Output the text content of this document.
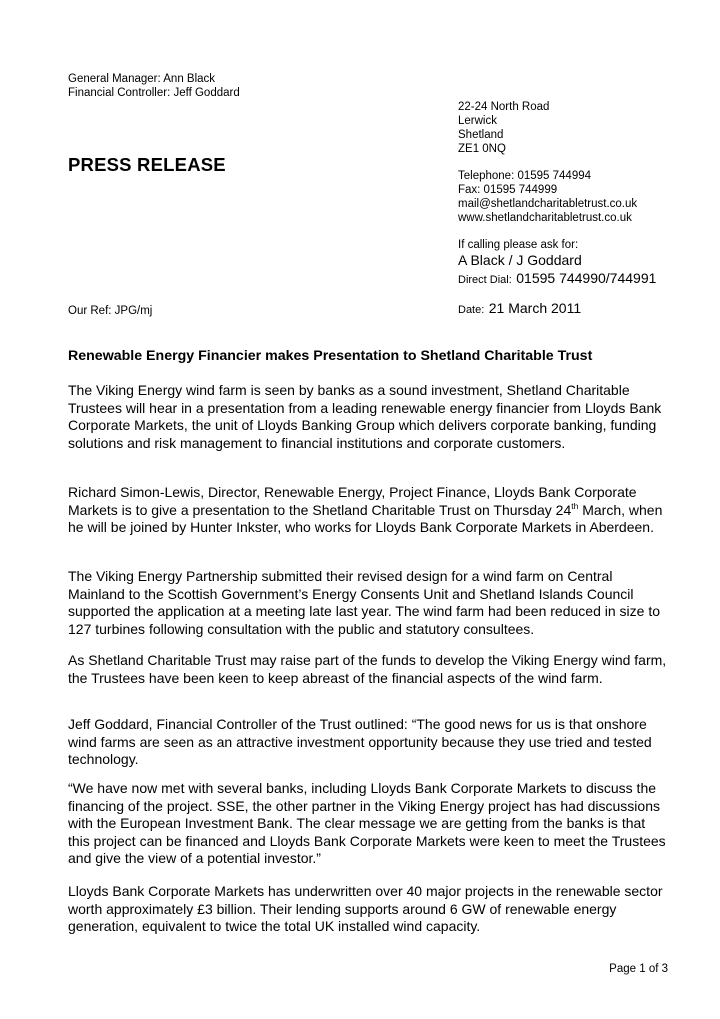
General Manager: Ann Black
Financial Controller: Jeff Goddard
PRESS RELEASE
22-24 North Road
Lerwick
Shetland
ZE1 0NQ
Telephone: 01595 744994
Fax: 01595 744999
mail@shetlandcharitabletrust.co.uk
www.shetlandcharitabletrust.co.uk
If calling please ask for:
A Black / J Goddard
Direct Dial: 01595 744990/744991
Our Ref: JPG/mj	Date: 21 March 2011
Renewable Energy Financier makes Presentation to Shetland Charitable Trust

The Viking Energy wind farm is seen by banks as a sound investment, Shetland Charitable Trustees will hear in a presentation from a leading renewable energy financier from Lloyds Bank Corporate Markets, the unit of Lloyds Banking Group which delivers corporate banking, funding solutions and risk management to financial institutions and corporate customers.

Richard Simon-Lewis, Director, Renewable Energy, Project Finance, Lloyds Bank Corporate Markets is to give a presentation to the Shetland Charitable Trust on Thursday 24th March, when he will be joined by Hunter Inkster, who works for Lloyds Bank Corporate Markets in Aberdeen.

The Viking Energy Partnership submitted their revised design for a wind farm on Central Mainland to the Scottish Government’s Energy Consents Unit and Shetland Islands Council supported the application at a meeting late last year. The wind farm had been reduced in size to 127 turbines following consultation with the public and statutory consultees.

As Shetland Charitable Trust may raise part of the funds to develop the Viking Energy wind farm, the Trustees have been keen to keep abreast of the financial aspects of the wind farm.

Jeff Goddard, Financial Controller of the Trust outlined: “The good news for us is that onshore wind farms are seen as an attractive investment opportunity because they use tried and tested technology.

“We have now met with several banks, including Lloyds Bank Corporate Markets to discuss the financing of the project. SSE, the other partner in the Viking Energy project has had discussions with the European Investment Bank. The clear message we are getting from the banks is that this project can be financed and Lloyds Bank Corporate Markets were keen to meet the Trustees and give the view of a potential investor.”

Lloyds Bank Corporate Markets has underwritten over 40 major projects in the renewable sector worth approximately £3 billion. Their lending supports around 6 GW of renewable energy generation, equivalent to twice the total UK installed wind capacity.

Page 1 of 3
